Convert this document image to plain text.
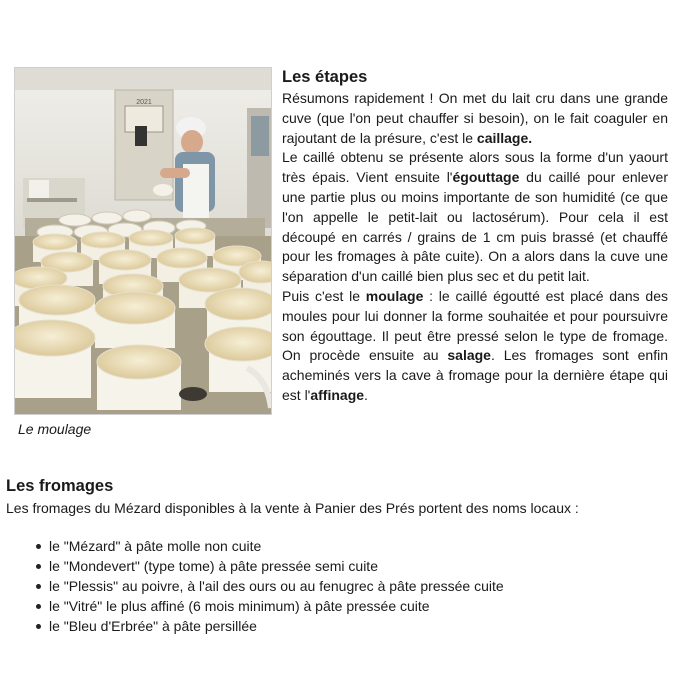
2021
Le moulage
Les étapes

Résumons rapidement ! On met du lait cru dans une grande cuve (que l'on peut chauffer si besoin), on le fait coaguler en rajoutant de la présure, c'est le caillage.

Le caillé obtenu se présente alors sous la forme d'un yaourt très épais. Vient ensuite l'égouttage du caillé pour enlever une partie plus ou moins importante de son humidité (ce que l'on appelle le petit-lait ou lactosérum). Pour cela il est découpé en carrés / grains de 1 cm puis brassé (et chauffé pour les fromages à pâte cuite). On a alors dans la cuve une séparation d'un caillé bien plus sec et du petit lait.

Puis c'est le moulage : le caillé égoutté est placé dans des moules pour lui donner la forme souhaitée et pour poursuivre son égouttage. Il peut être pressé selon le type de fromage. On procède ensuite au salage. Les fromages sont enfin acheminés vers la cave à fromage pour la dernière étape qui est l'affinage.

Les fromages

Les fromages du Mézard disponibles à la vente à Panier des Prés portent des noms locaux :

le "Mézard" à pâte molle non cuite
le "Mondevert" (type tome) à pâte pressée semi cuite
le "Plessis" au poivre, à l'ail des ours ou au fenugrec à pâte pressée cuite
le "Vitré" le plus affiné (6 mois minimum) à pâte pressée cuite
le "Bleu d'Erbrée" à pâte persillée
